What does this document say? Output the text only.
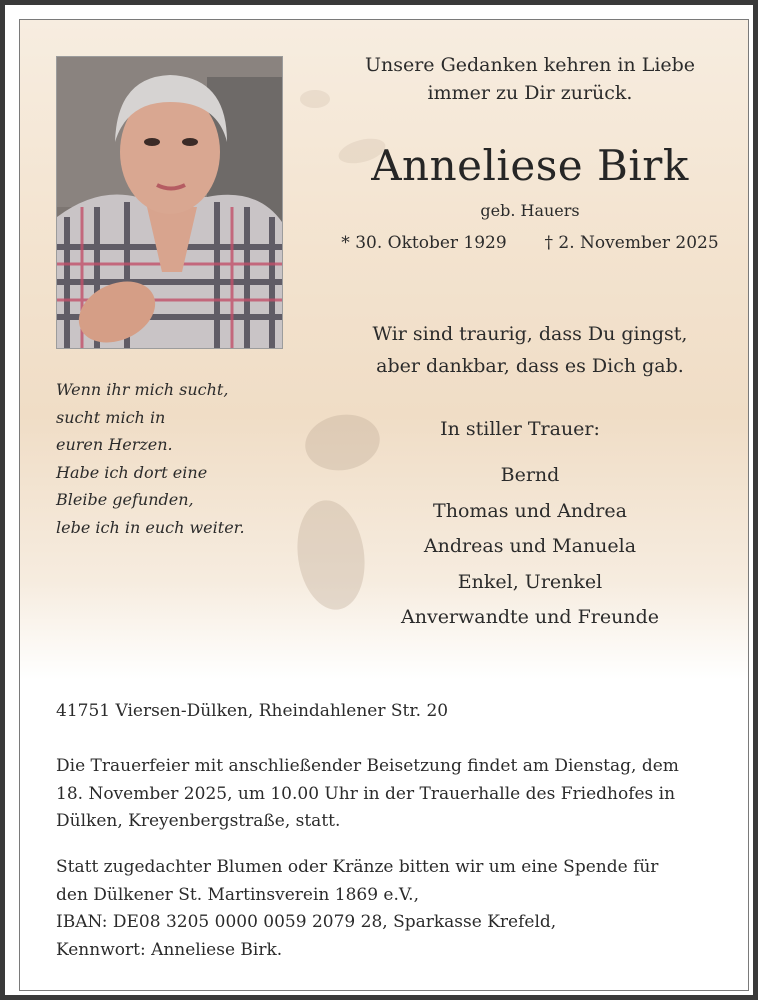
Unsere Gedanken kehren in Liebe
immer zu Dir zurück.
Anneliese Birk
geb. Hauers
* 30. Oktober 1929 † 2. November 2025
Wir sind traurig, dass Du gingst,
aber dankbar, dass es Dich gab.
Wenn ihr mich sucht,
sucht mich in
euren Herzen.
Habe ich dort eine
Bleibe gefunden,
lebe ich in euch weiter.
In stiller Trauer:
Bernd
Thomas und Andrea
Andreas und Manuela
Enkel, Urenkel
Anverwandte und Freunde
41751 Viersen-Dülken, Rheindahlener Str. 20
Die Trauerfeier mit anschließender Beisetzung findet am Dienstag, dem
18. November 2025, um 10.00 Uhr in der Trauerhalle des Friedhofes in
Dülken, Kreyenbergstraße, statt.
Statt zugedachter Blumen oder Kränze bitten wir um eine Spende für
den Dülkener St. Martinsverein 1869 e.V.,
IBAN: DE08 3205 0000 0059 2079 28, Sparkasse Krefeld,
Kennwort: Anneliese Birk.
